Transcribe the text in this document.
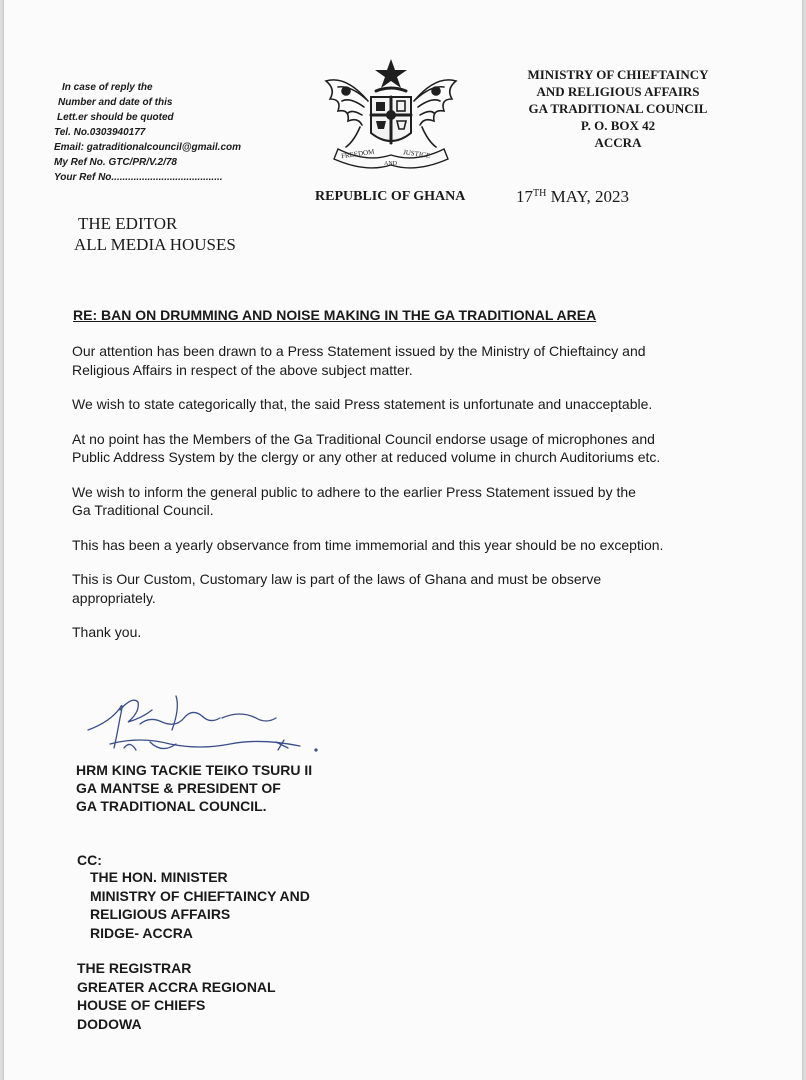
In case of reply the
Number and date of this
Lett.er should be quoted
Tel. No.0303940177
Email: gatraditionalcouncil@gmail.com
My Ref No. GTC/PR/V.2/78
Your Ref No........................................
FREEDOM	JUSTICE
AND
MINISTRY OF CHIEFTAINCY
AND RELIGIOUS AFFAIRS
GA TRADITIONAL COUNCIL
P. O. BOX 42
ACCRA
REPUBLIC OF GHANA	17TH MAY, 2023
THE EDITOR
ALL MEDIA HOUSES
RE: BAN ON DRUMMING AND NOISE MAKING IN THE GA TRADITIONAL AREA

Our attention has been drawn to a Press Statement issued by the Ministry of Chieftaincy and
Religious Affairs in respect of the above subject matter.

We wish to state categorically that, the said Press statement is unfortunate and unacceptable.

At no point has the Members of the Ga Traditional Council endorse usage of microphones and
Public Address System by the clergy or any other at reduced volume in church Auditoriums etc.

We wish to inform the general public to adhere to the earlier Press Statement issued by the
Ga Traditional Council.

This has been a yearly observance from time immemorial and this year should be no exception.

This is Our Custom, Customary law is part of the laws of Ghana and must be observe
appropriately.

Thank you.

HRM KING TACKIE TEIKO TSURU II
GA MANTSE & PRESIDENT OF
GA TRADITIONAL COUNCIL.
CC:
THE HON. MINISTER
MINISTRY OF CHIEFTAINCY AND
RELIGIOUS AFFAIRS
RIDGE- ACCRA
THE REGISTRAR
GREATER ACCRA REGIONAL
HOUSE OF CHIEFS
DODOWA
